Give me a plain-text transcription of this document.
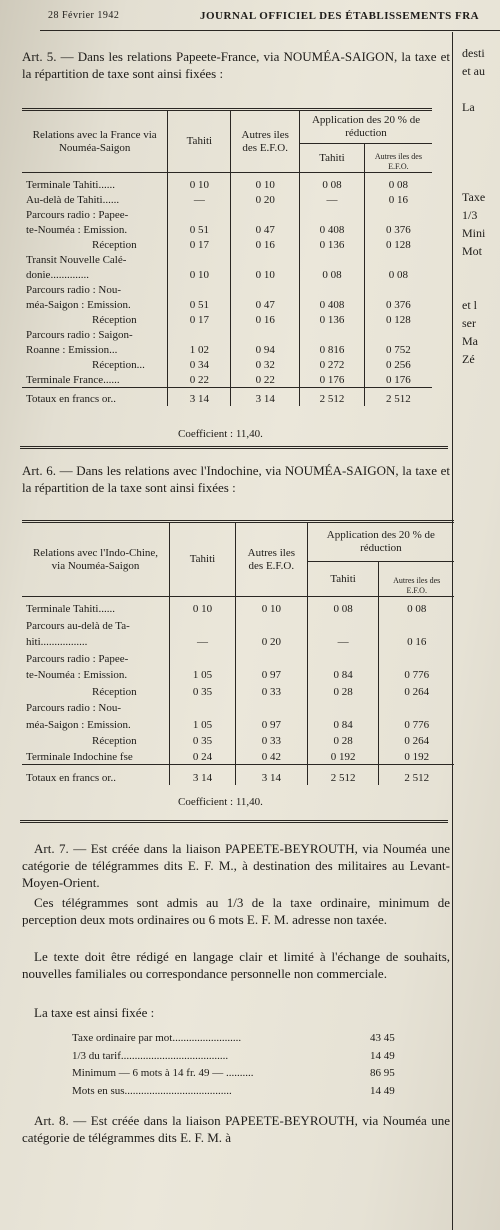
28 Février 1942	JOURNAL OFFICIEL DES ÉTABLISSEMENTS FRA
desti
et au

La

Taxe
1/3
Mini
Mot

et l
ser
Ma
Zé
Art. 5. — Dans les relations Papeete-France, via NOUMÉA-SAIGON, la taxe et la répartition de taxe sont ainsi fixées :
Relations avec la France via Nouméa-Saigon	Tahiti	Autres iles des E.F.O.	Application des 20 % de réduction	
			Tahiti	Autres iles des E.F.O.
Terminale Tahiti......	0 10	0 10	0 08	0 08
Au-delà de Tahiti......	—	0 20	—	0 16
Parcours radio : Papee-				
te-Nouméa : Emission.	0 51	0 47	0 408	0 376
Réception	0 17	0 16	0 136	0 128
Transit Nouvelle Calé-				
donie..............	0 10	0 10	0 08	0 08
Parcours radio : Nou-				
méa-Saigon : Emission.	0 51	0 47	0 408	0 376
Réception	0 17	0 16	0 136	0 128
Parcours radio : Saigon-				
Roanne : Emission...	1 02	0 94	0 816	0 752
Réception...	0 34	0 32	0 272	0 256
Terminale France......	0 22	0 22	0 176	0 176
Totaux en francs or..	3 14	3 14	2 512	2 512
Coefficient : 11,40.
Art. 6. — Dans les relations avec l'Indochine, via NOUMÉA-SAIGON, la taxe et la répartition de la taxe sont ainsi fixées :
Relations avec l'Indo-Chine, via Nouméa-Saigon	Tahiti	Autres iles des E.F.O.	Application des 20 % de réduction	
			Tahiti	Autres iles des E.F.O.
Terminale Tahiti......	0 10	0 10	0 08	0 08
Parcours au-delà de Ta-				
hiti.................	—	0 20	—	0 16
Parcours radio : Papee-				
te-Nouméa : Emission.	1 05	0 97	0 84	0 776
Réception	0 35	0 33	0 28	0 264
Parcours radio : Nou-				
méa-Saigon : Emission.	1 05	0 97	0 84	0 776
Réception	0 35	0 33	0 28	0 264
Terminale Indochine fse	0 24	0 42	0 192	0 192
Totaux en francs or..	3 14	3 14	2 512	2 512
Coefficient : 11,40.
Art. 7. — Est créée dans la liaison PAPEETE-BEYROUTH, via Nouméa une catégorie de télégrammes dits E. F. M., à destination des militaires au Levant-Moyen-Orient.
Ces télégrammes sont admis au 1/3 de la taxe ordinaire, minimum de perception deux mots ordinaires ou 6 mots E. F. M. adresse non taxée.
Le texte doit être rédigé en langage clair et limité à l'échange de souhaits, nouvelles familiales ou correspondance personnelle non commerciale.
La taxe est ainsi fixée :
Taxe ordinaire par mot.........................	43 45
1/3 du tarif.......................................	14 49
Minimum — 6 mots à 14 fr. 49 — ..........	86 95
Mots en sus.......................................	14 49
Art. 8. — Est créée dans la liaison PAPEETE-BEYROUTH, via Nouméa une catégorie de télégrammes dits E. F. M. à
